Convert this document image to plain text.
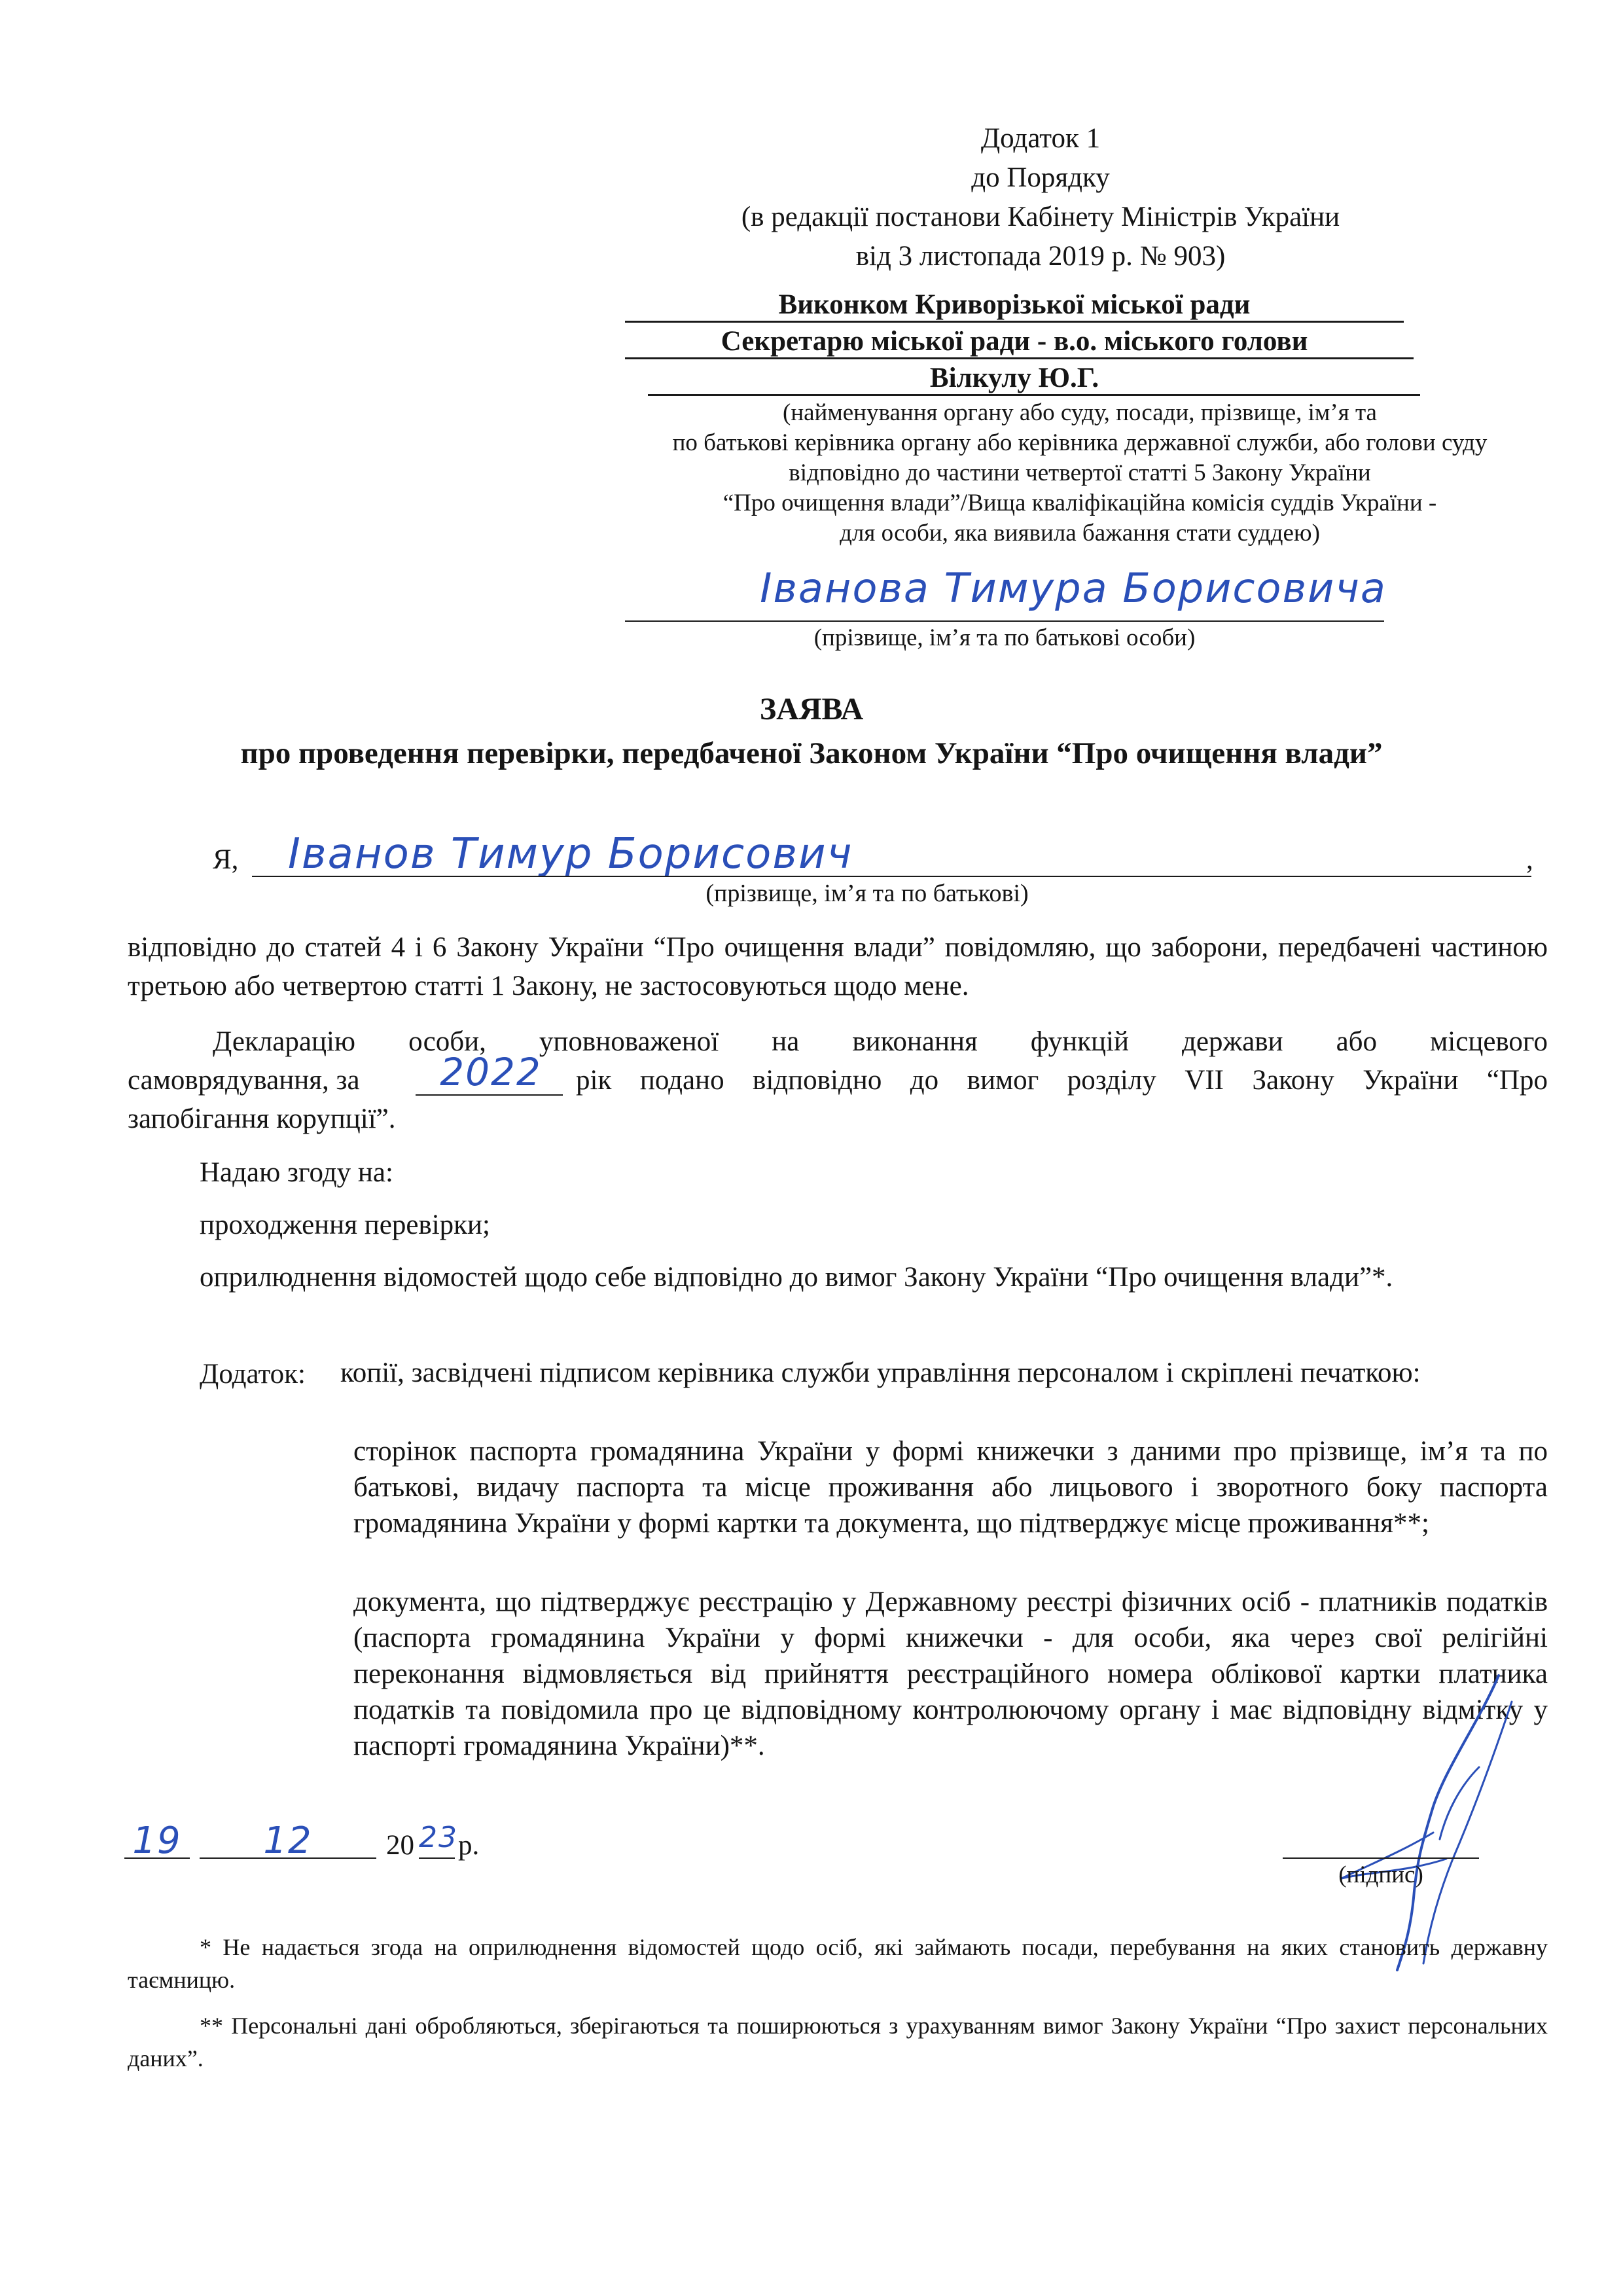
Додаток 1
до Порядку
(в редакції постанови Кабінету Міністрів України
від 3 листопада 2019 р. № 903)
Виконком Криворізької міської ради
Секретарю міської ради - в.о. міського голови
Вілкулу Ю.Г.
(найменування органу або суду, посади, прізвище, ім’я та
по батькові керівника органу або керівника державної служби, або голови суду
відповідно до частини четвертої статті 5 Закону України
“Про очищення влади”/Вища кваліфікаційна комісія суддів України -
для особи, яка виявила бажання стати суддею)
Іванова Тимура Борисовича
(прізвище, ім’я та по батькові особи)
ЗАЯВА
про проведення перевірки, передбаченої Законом України “Про очищення влади”
Я, Іванов Тимур Борисович	,
(прізвище, ім’я та по батькові)
відповідно до статей 4 і 6 Закону України “Про очищення влади” повідомляю, що заборони, передбачені частиною третьою або четвертою статті 1 Закону, не застосовуються щодо мене.
Декларацію особи, уповноваженої на виконання функцій держави або місцевого
самоврядування, за	2022	рік подано відповідно до вимог розділу VII Закону України “Про
запобігання корупції”.
Надаю згоду на:
проходження перевірки;
оприлюднення відомостей щодо себе відповідно до вимог Закону України “Про очищення влади”*.
Додаток: копії, засвідчені підписом керівника служби управління персоналом і скріплені печаткою:
сторінок паспорта громадянина України у формі книжечки з даними про прізвище, ім’я та по батькові, видачу паспорта та місце проживання або лицьового і зворотного боку паспорта громадянина України у формі картки та документа, що підтверджує місце проживання**;
документа, що підтверджує реєстрацію у Державному реєстрі фізичних осіб - платників податків (паспорта громадянина України у формі книжечки - для особи, яка через свої релігійні переконання відмовляється від прийняття реєстраційного номера облікової картки платника податків та повідомила про це відповідному контролюючому органу і має відповідну відмітку у паспорті громадянина України)**.
19	12	20 23 р.
(підпис)
* Не надається згода на оприлюднення відомостей щодо осіб, які займають посади, перебування на яких становить державну таємницю.
** Персональні дані обробляються, зберігаються та поширюються з урахуванням вимог Закону України “Про захист персональних даних”.
